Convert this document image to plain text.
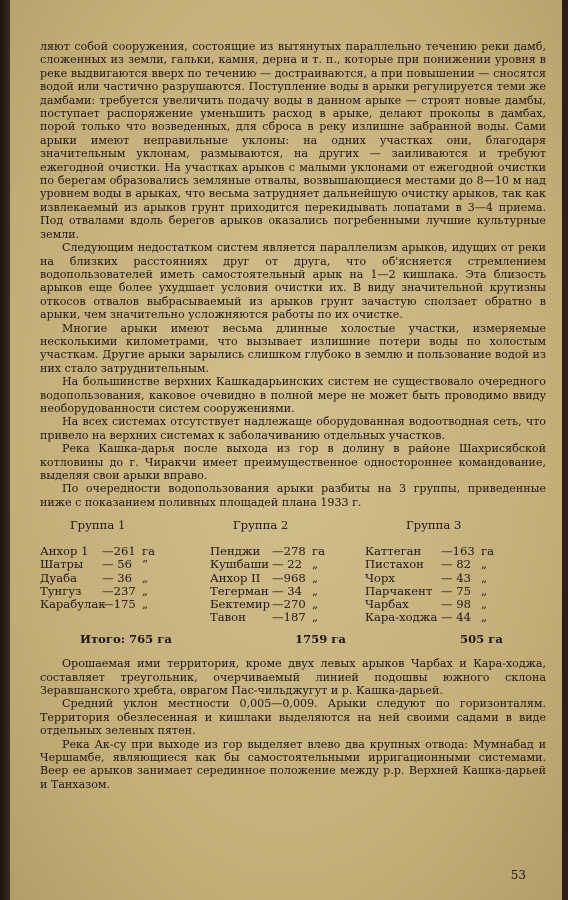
ляют собой сооружения, состоящие из вытянутых параллельно течению реки дамб, сложенных из земли, гальки, камня, дерна и т. п., которые при понижении уровня в реке выдвигаются вверх по течению — достраиваются, а при повышении — сносятся водой или частично разрушаются. Поступление воды в арыки регулируется теми же дамбами: требуется увеличить подачу воды в данном арыке — строят новые дамбы, поступает распоряжение уменьшить расход в арыке, делают проколы в дамбах, порой только что возведенных, для сброса в реку излишне забранной воды. Сами арыки имеют неправильные уклоны: на одних участках они, благодаря значительным уклонам, размываются, на других — заиливаются и требуют ежегодной очистки. На участках арыков с малыми уклонами от ежегодной очистки по берегам образовались земляные отвалы, возвышающиеся местами до 8—10 м над уровнем воды в арыках, что весьма затрудняет дальнейшую очистку арыков, так как извлекаемый из арыков грунт приходится перекидывать лопатами в 3—4 приема. Под отвалами вдоль берегов арыков оказались погребенными лучшие культурные земли.

Следующим недостатком систем является параллелизм арыков, идущих от реки на близких расстояниях друг от друга, что об'ясняется стремлением водопользователей иметь самостоятельный арык на 1—2 кишлака. Эта близость арыков еще более ухудшает условия очистки их. В виду значительной крутизны откосов отвалов выбрасываемый из арыков грунт зачастую сползает обратно в арыки, чем значительно усложняются работы по их очистке.

Многие арыки имеют весьма длинные холостые участки, измеряемые несколькими километрами, что вызывает излишние потери воды по холостым участкам. Другие арыки зарылись слишком глубоко в землю и пользование водой из них стало затруднительным.

На большинстве верхних Кашкадарьинских систем не существовало очередного водопользования, каковое очевидно в полной мере не может быть проводимо ввиду необорудованности систем сооружениями.

На всех системах отсутствует надлежаще оборудованная водоотводная сеть, что привело на верхних системах к заболачиванию отдельных участков.

Река Кашка-дарья после выхода из гор в долину в районе Шахрисябской котловины до г. Чиракчи имеет преимущественное одностороннее командование, выделяя свои арыки вправо.

По очередности водопользования арыки разбиты на 3 группы, приведенные ниже с показанием поливных площадей плана 1933 г.

Группа 1
Анхор 1 —261 га
Шатры — 56 “
Дуаба — 36 „
Тунгуз —237 „
Карабулак—175 „
Итого: 765 га
Группа 2
Пенджи —278 га
Кушбаши — 22 „
Анхор II —968 „
Тегерман — 34 „
Бектемир —270 „
Тавон —187 „
1759 га
Группа 3
Каттеган —163 га
Пистахон — 82 „
Чорх	— 43 „
Парчакент — 75 „
Чарбах	— 98 „
Кара-ходжа — 44 „
505 га

Орошаемая ими территория, кроме двух левых арыков Чарбах и Кара-ходжа, составляет треугольник, очерчиваемый линией подошвы южного склона Зеравшанского хребта, оврагом Пас-чильджугут и р. Кашка-дарьей.

Средний уклон местности 0,005—0,009. Арыки следуют по горизонталям. Территория обезлесенная и кишлаки выделяются на ней своими садами в виде отдельных зеленых пятен.

Река Ак-су при выходе из гор выделяет влево два крупных отвода: Мумнабад и Чершамбе, являющиеся как бы самостоятельными ирригационными системами. Веер ее арыков занимает серединное положение между р.р. Верхней Кашка-дарьей и Танхазом.

53
